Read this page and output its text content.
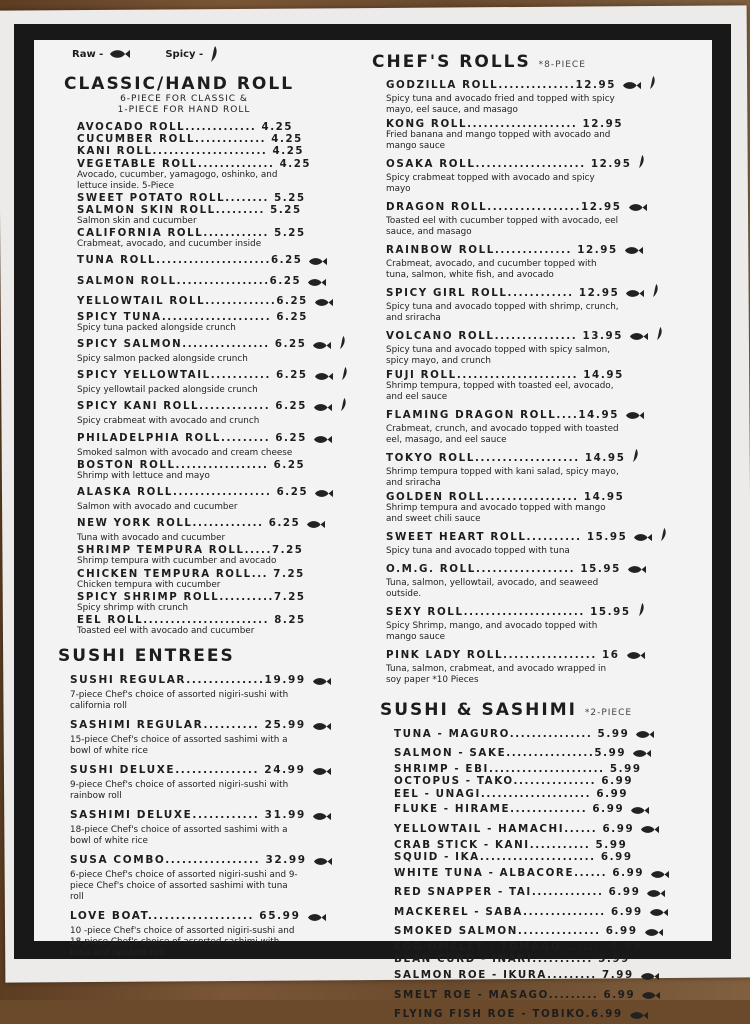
Raw -	Spicy -
CLASSIC/HAND ROLL
6-PIECE FOR CLASSIC &
1-PIECE FOR HAND ROLL
AVOCADO ROLL............. 4.25
CUCUMBER ROLL............. 4.25
KANI ROLL..................... 4.25
VEGETABLE ROLL.............. 4.25
Avocado, cucumber, yamagogo, oshinko, and lettuce inside. 5-Piece
SWEET POTATO ROLL........ 5.25
SALMON SKIN ROLL......... 5.25
Salmon skin and cucumber
CALIFORNIA ROLL............ 5.25
Crabmeat, avocado, and cucumber inside
TUNA ROLL.....................6.25
SALMON ROLL.................6.25
YELLOWTAIL ROLL.............6.25
SPICY TUNA.................... 6.25
Spicy tuna packed alongside crunch
SPICY SALMON................ 6.25
Spicy salmon packed alongside crunch
SPICY YELLOWTAIL........... 6.25
Spicy yellowtail packed alongside crunch
SPICY KANI ROLL............. 6.25
Spicy crabmeat with avocado and crunch
PHILADELPHIA ROLL......... 6.25
Smoked salmon with avocado and cream cheese
BOSTON ROLL................. 6.25
Shrimp with lettuce and mayo
ALASKA ROLL.................. 6.25
Salmon with avocado and cucumber
NEW YORK ROLL............. 6.25
Tuna with avocado and cucumber
SHRIMP TEMPURA ROLL.....7.25
Shrimp tempura with cucumber and avocado
CHICKEN TEMPURA ROLL... 7.25
Chicken tempura with cucumber
SPICY SHRIMP ROLL..........7.25
Spicy shrimp with crunch
EEL ROLL....................... 8.25
Toasted eel with avocado and cucumber
SUSHI ENTREES
SUSHI REGULAR..............19.99
7-piece Chef's choice of assorted nigiri-sushi with california roll
SASHIMI REGULAR.......... 25.99
15-piece Chef's choice of assorted sashimi with a bowl of white rice
SUSHI DELUXE............... 24.99
9-piece Chef's choice of assorted nigiri-sushi with rainbow roll
SASHIMI DELUXE............ 31.99
18-piece Chef's choice of assorted sashimi with a bowl of white rice
SUSA COMBO................. 32.99
6-piece Chef's choice of assorted nigiri-sushi and 9-piece Chef's choice of assorted sashimi with tuna roll
LOVE BOAT................... 65.99
10 -piece Chef's choice of assorted nigiri-sushi and 18-piece Chef's choice of assorted sashimi with tuna and rainbow roll
CHEF'S ROLLS *8-PIECE
GODZILLA ROLL..............12.95
Spicy tuna and avocado fried and topped with spicy mayo, eel sauce, and masago
KONG ROLL.................... 12.95
Fried banana and mango topped with avocado and mango sauce
OSAKA ROLL.................... 12.95
Spicy crabmeat topped with avocado and spicy mayo
DRAGON ROLL.................12.95
Toasted eel with cucumber topped with avocado, eel sauce, and masago
RAINBOW ROLL.............. 12.95
Crabmeat, avocado, and cucumber topped with tuna, salmon, white fish, and avocado
SPICY GIRL ROLL............ 12.95
Spicy tuna and avocado topped with shrimp, crunch, and sriracha
VOLCANO ROLL............... 13.95
Spicy tuna and avocado topped with spicy salmon, spicy mayo, and crunch
FUJI ROLL...................... 14.95
Shrimp tempura, topped with toasted eel, avocado, and eel sauce
FLAMING DRAGON ROLL....14.95
Crabmeat, crunch, and avocado topped with toasted eel, masago, and eel sauce
TOKYO ROLL................... 14.95
Shrimp tempura topped with kani salad, spicy mayo, and sriracha
GOLDEN ROLL................. 14.95
Shrimp tempura and avocado topped with mango and sweet chili sauce
SWEET HEART ROLL.......... 15.95
Spicy tuna and avocado topped with tuna
O.M.G. ROLL.................. 15.95
Tuna, salmon, yellowtail, avocado, and seaweed outside.
SEXY ROLL...................... 15.95
Spicy Shrimp, mango, and avocado topped with mango sauce
PINK LADY ROLL................. 16
Tuna, salmon, crabmeat, and avocado wrapped in soy paper *10 Pieces
SUSHI & SASHIMI *2-PIECE
TUNA - MAGURO............... 5.99
SALMON - SAKE................5.99
SHRIMP - EBI..................... 5.99
OCTOPUS - TAKO............... 6.99
EEL - UNAGI.................... 6.99
FLUKE - HIRAME.............. 6.99
YELLOWTAIL - HAMACHI...... 6.99
CRAB STICK - KANI........... 5.99
SQUID - IKA..................... 6.99
WHITE TUNA - ALBACORE...... 6.99
RED SNAPPER - TAI............. 6.99
MACKEREL - SABA............... 6.99
SMOKED SALMON............... 6.99
EGG OMELET - TOMAGO........ 5.99
BEAN CURD - INARI........... 5.99
SALMON ROE - IKURA......... 7.99
SMELT ROE - MASAGO......... 6.99
FLYING FISH ROE - TOBIKO.6.99
